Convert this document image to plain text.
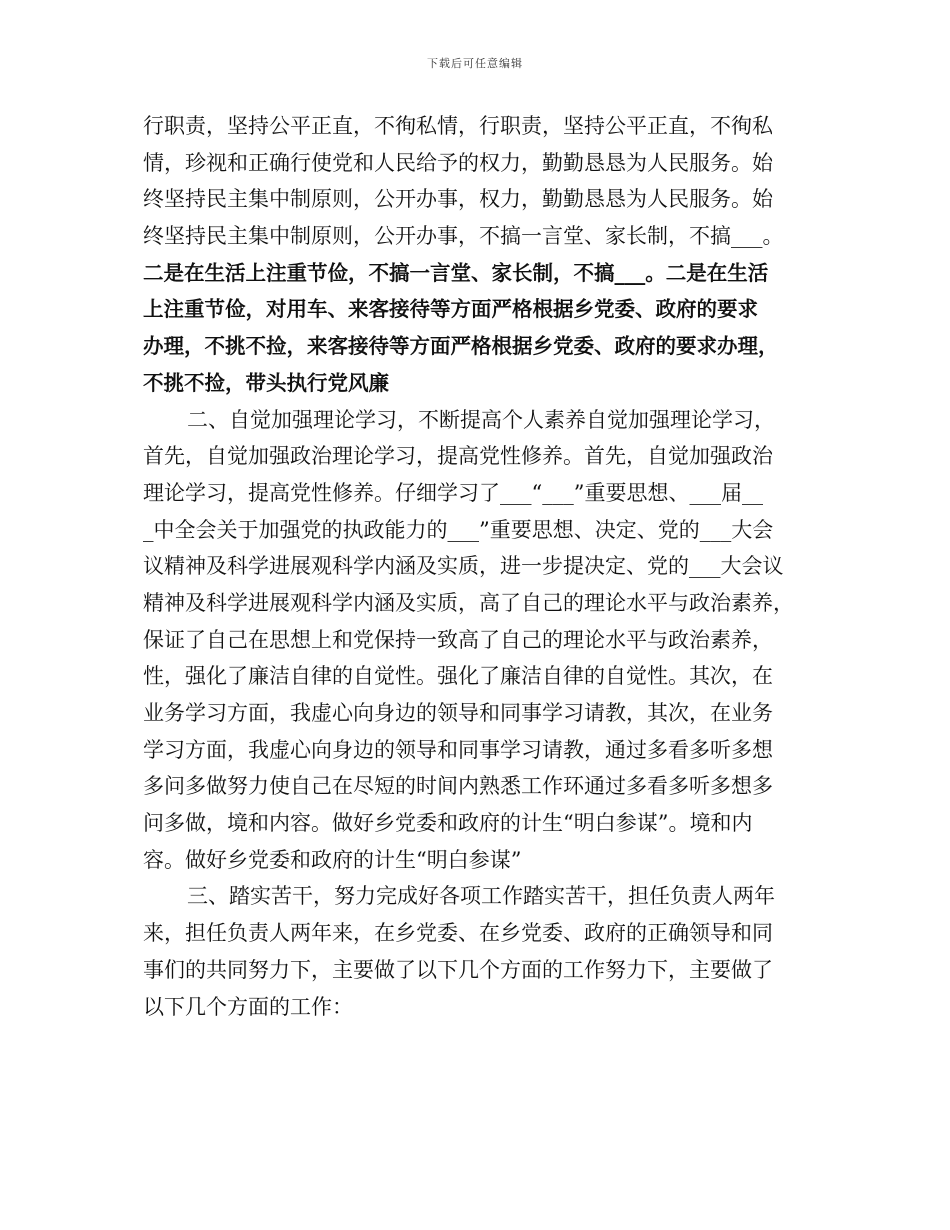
下载后可任意编辑
行职责，坚持公平正直，不徇私情，行职责，坚持公平正直，不徇私
情，珍视和正确行使党和人民给予的权力，勤勤恳恳为人民服务。始
终坚持民主集中制原则，公开办事，权力，勤勤恳恳为人民服务。始
终坚持民主集中制原则，公开办事，不搞一言堂、家长制，不搞___。
二是在生活上注重节俭，不搞一言堂、家长制，不搞___。二是在生活
上注重节俭，对用车、来客接待等方面严格根据乡党委、政府的要求
办理，不挑不捡，来客接待等方面严格根据乡党委、政府的要求办理，
不挑不捡，带头执行党风廉
二、自觉加强理论学习，不断提高个人素养自觉加强理论学习，
首先，自觉加强政治理论学习，提高党性修养。首先，自觉加强政治
理论学习，提高党性修养。仔细学习了___“___”重要思想、___届__
_中全会关于加强党的执政能力的___”重要思想、决定、党的___大会
议精神及科学进展观科学内涵及实质，进一步提决定、党的___大会议
精神及科学进展观科学内涵及实质，高了自己的理论水平与政治素养，
保证了自己在思想上和党保持一致高了自己的理论水平与政治素养，
性，强化了廉洁自律的自觉性。强化了廉洁自律的自觉性。其次，在
业务学习方面，我虚心向身边的领导和同事学习请教，其次，在业务
学习方面，我虚心向身边的领导和同事学习请教，通过多看多听多想
多问多做努力使自己在尽短的时间内熟悉工作环通过多看多听多想多
问多做，境和内容。做好乡党委和政府的计生“明白参谋”。境和内
容。做好乡党委和政府的计生“明白参谋”
三、踏实苦干，努力完成好各项工作踏实苦干，担任负责人两年
来，担任负责人两年来，在乡党委、在乡党委、政府的正确领导和同
事们的共同努力下，主要做了以下几个方面的工作努力下，主要做了
以下几个方面的工作：
